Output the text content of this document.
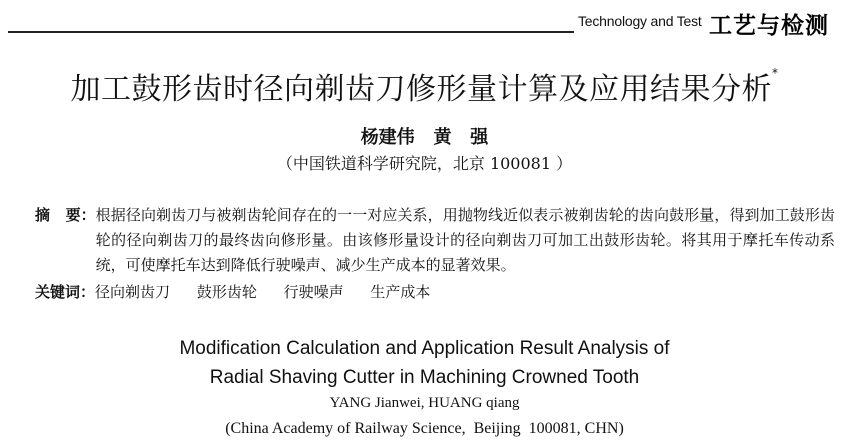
Technology and Test 工艺与检测
加工鼓形齿时径向剃齿刀修形量计算及应用结果分析*
杨建伟   黄   强
（中国铁道科学研究院，北京 100081 ）
摘   要： 根据径向剃齿刀与被剃齿轮间存在的一一对应关系，用抛物线近似表示被剃齿轮的齿向鼓形量，得到加工鼓形齿轮的径向剃齿刀的最终齿向修形量。由该修形量设计的径向剃齿刀可加工出鼓形齿轮。将其用于摩托车传动系统，可使摩托车达到降低行驶噪声、减少生产成本的显著效果。
关键词： 径向剃齿刀 鼓形齿轮 行驶噪声 生产成本
Modification Calculation and Application Result Analysis of
Radial Shaving Cutter in Machining Crowned Tooth
YANG Jianwei, HUANG qiang
(China Academy of Railway Science,  Beijing  100081, CHN)
